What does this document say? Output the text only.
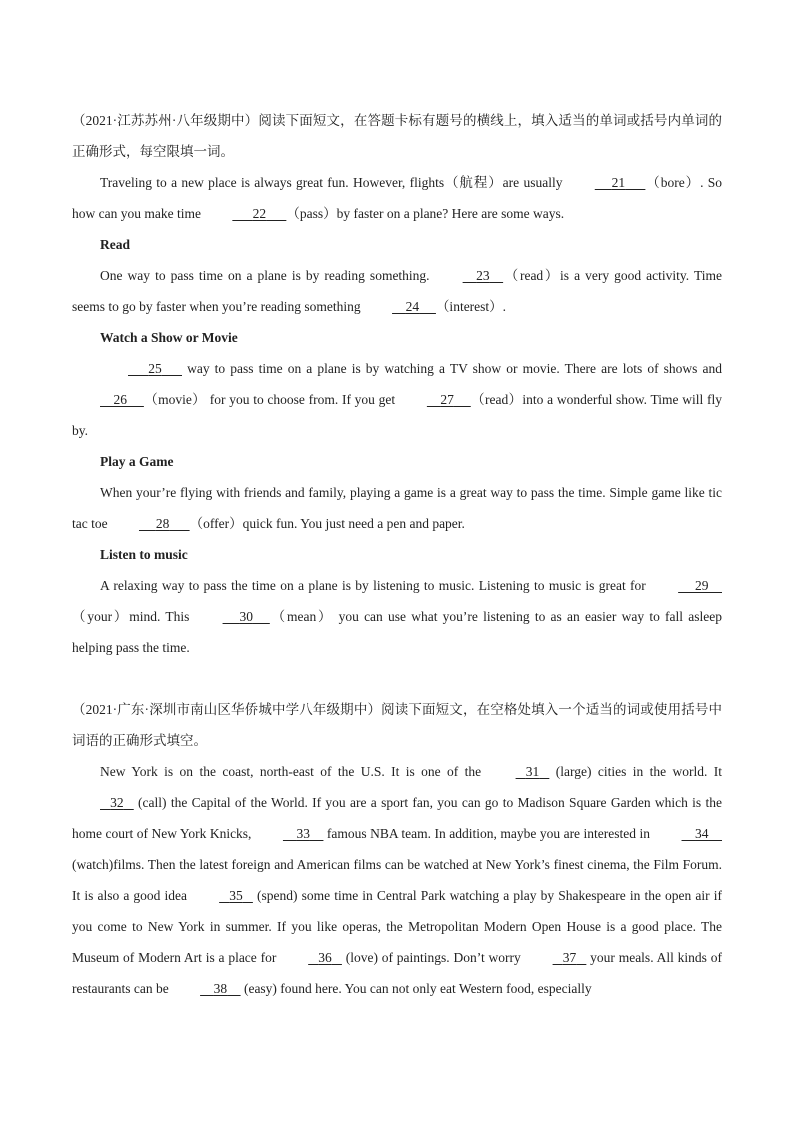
（2021·江苏苏州·八年级期中）阅读下面短文，在答题卡标有题号的横线上，填入适当的单词或括号内单词的正确形式，每空限填一词。
Traveling to a new place is always great fun. However, flights（航程）are usually	21 （bore）. So how can you make time	22 （pass）by faster on a plane? Here are some ways.
Read
One way to pass time on a plane is by reading something.	23 （read）is a very good activity. Time seems to go by faster when you’re reading something	24 （interest）.
Watch a Show or Movie
25       way to pass time on a plane is by watching a TV show or movie. There are lots of shows and     26 （movie） for you to choose from. If you get	27 （read）into a wonderful show. Time will fly by.
Play a Game
When your’re flying with friends and family, playing a game is a great way to pass the time. Simple game like tic tac toe	28 （offer）quick fun. You just need a pen and paper.
Listen to music
A relaxing way to pass the time on a plane is by listening to music. Listening to music is great for	29     （your）mind. This	30 （mean） you can use what you’re listening to as an easier way to fall asleep helping pass the time.
（2021·广东·深圳市南山区华侨城中学八年级期中）阅读下面短文，在空格处填入一个适当的词或使用括号中词语的正确形式填空。
New York is on the coast, north-east of the U.S. It is one of the	31    (large) cities in the world. It    32    (call) the Capital of the World. If you are a sport fan, you can go to Madison Square Garden which is the home court of New York Knicks,	33     famous NBA team. In addition, maybe you are interested in	34     (watch)films. Then the latest foreign and American films can be watched at New York’s finest cinema, the Film Forum. It is also a good idea	35    (spend) some time in Central Park watching a play by Shakespeare in the open air if you come to New York in summer. If you like operas, the Metropolitan Modern Open House is a good place. The Museum of Modern Art is a place for	36    (love) of paintings. Don’t worry	37    your meals. All kinds of restaurants can be	38     (easy) found here. You can not only eat Western food, especially
